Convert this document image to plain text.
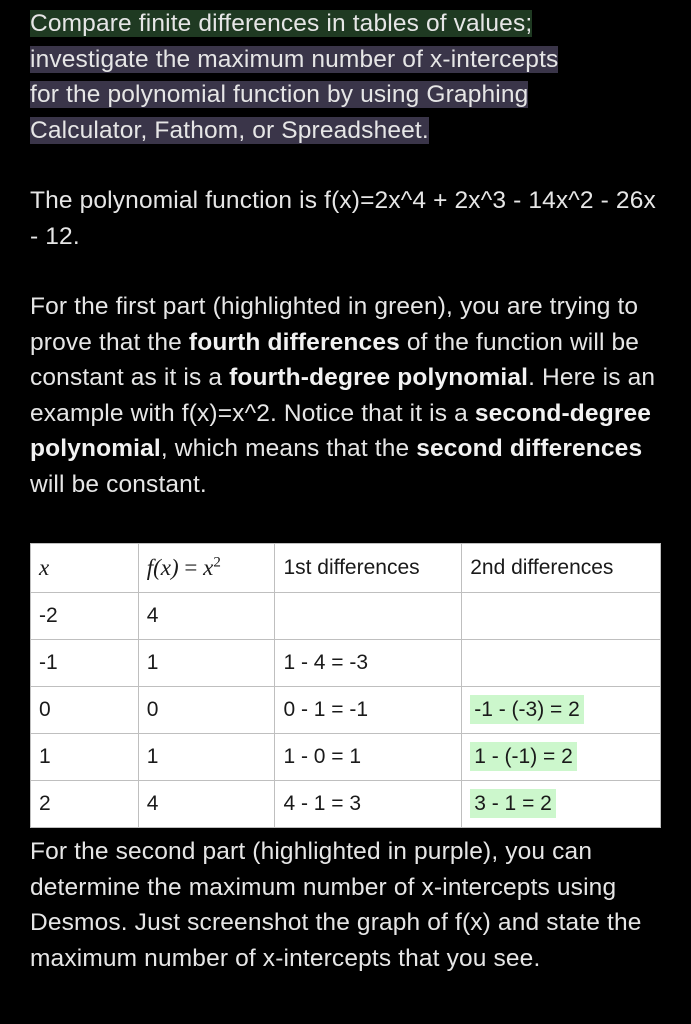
Compare finite differences in tables of values;
investigate the maximum number of x-intercepts
for the polynomial function by using Graphing
Calculator, Fathom, or Spreadsheet.

The polynomial function is f(x)=2x^4 + 2x^3 - 14x^2 - 26x - 12.

For the first part (highlighted in green), you are trying to prove that the fourth differences of the function will be constant as it is a fourth-degree polynomial. Here is an example with f(x)=x^2. Notice that it is a second-degree polynomial, which means that the second differences will be constant.

x	$f(x) = x^2$	1st differences	2nd differences
-2	4		
-1	1	1 - 4 = -3	
0	0	0 - 1 = -1	-1 - (-3) = 2
1	1	1 - 0 = 1	1 - (-1) = 2
2	4	4 - 1 = 3	3 - 1 = 2

For the second part (highlighted in purple), you can determine the maximum number of x-intercepts using Desmos. Just screenshot the graph of f(x) and state the maximum number of x-intercepts that you see.
